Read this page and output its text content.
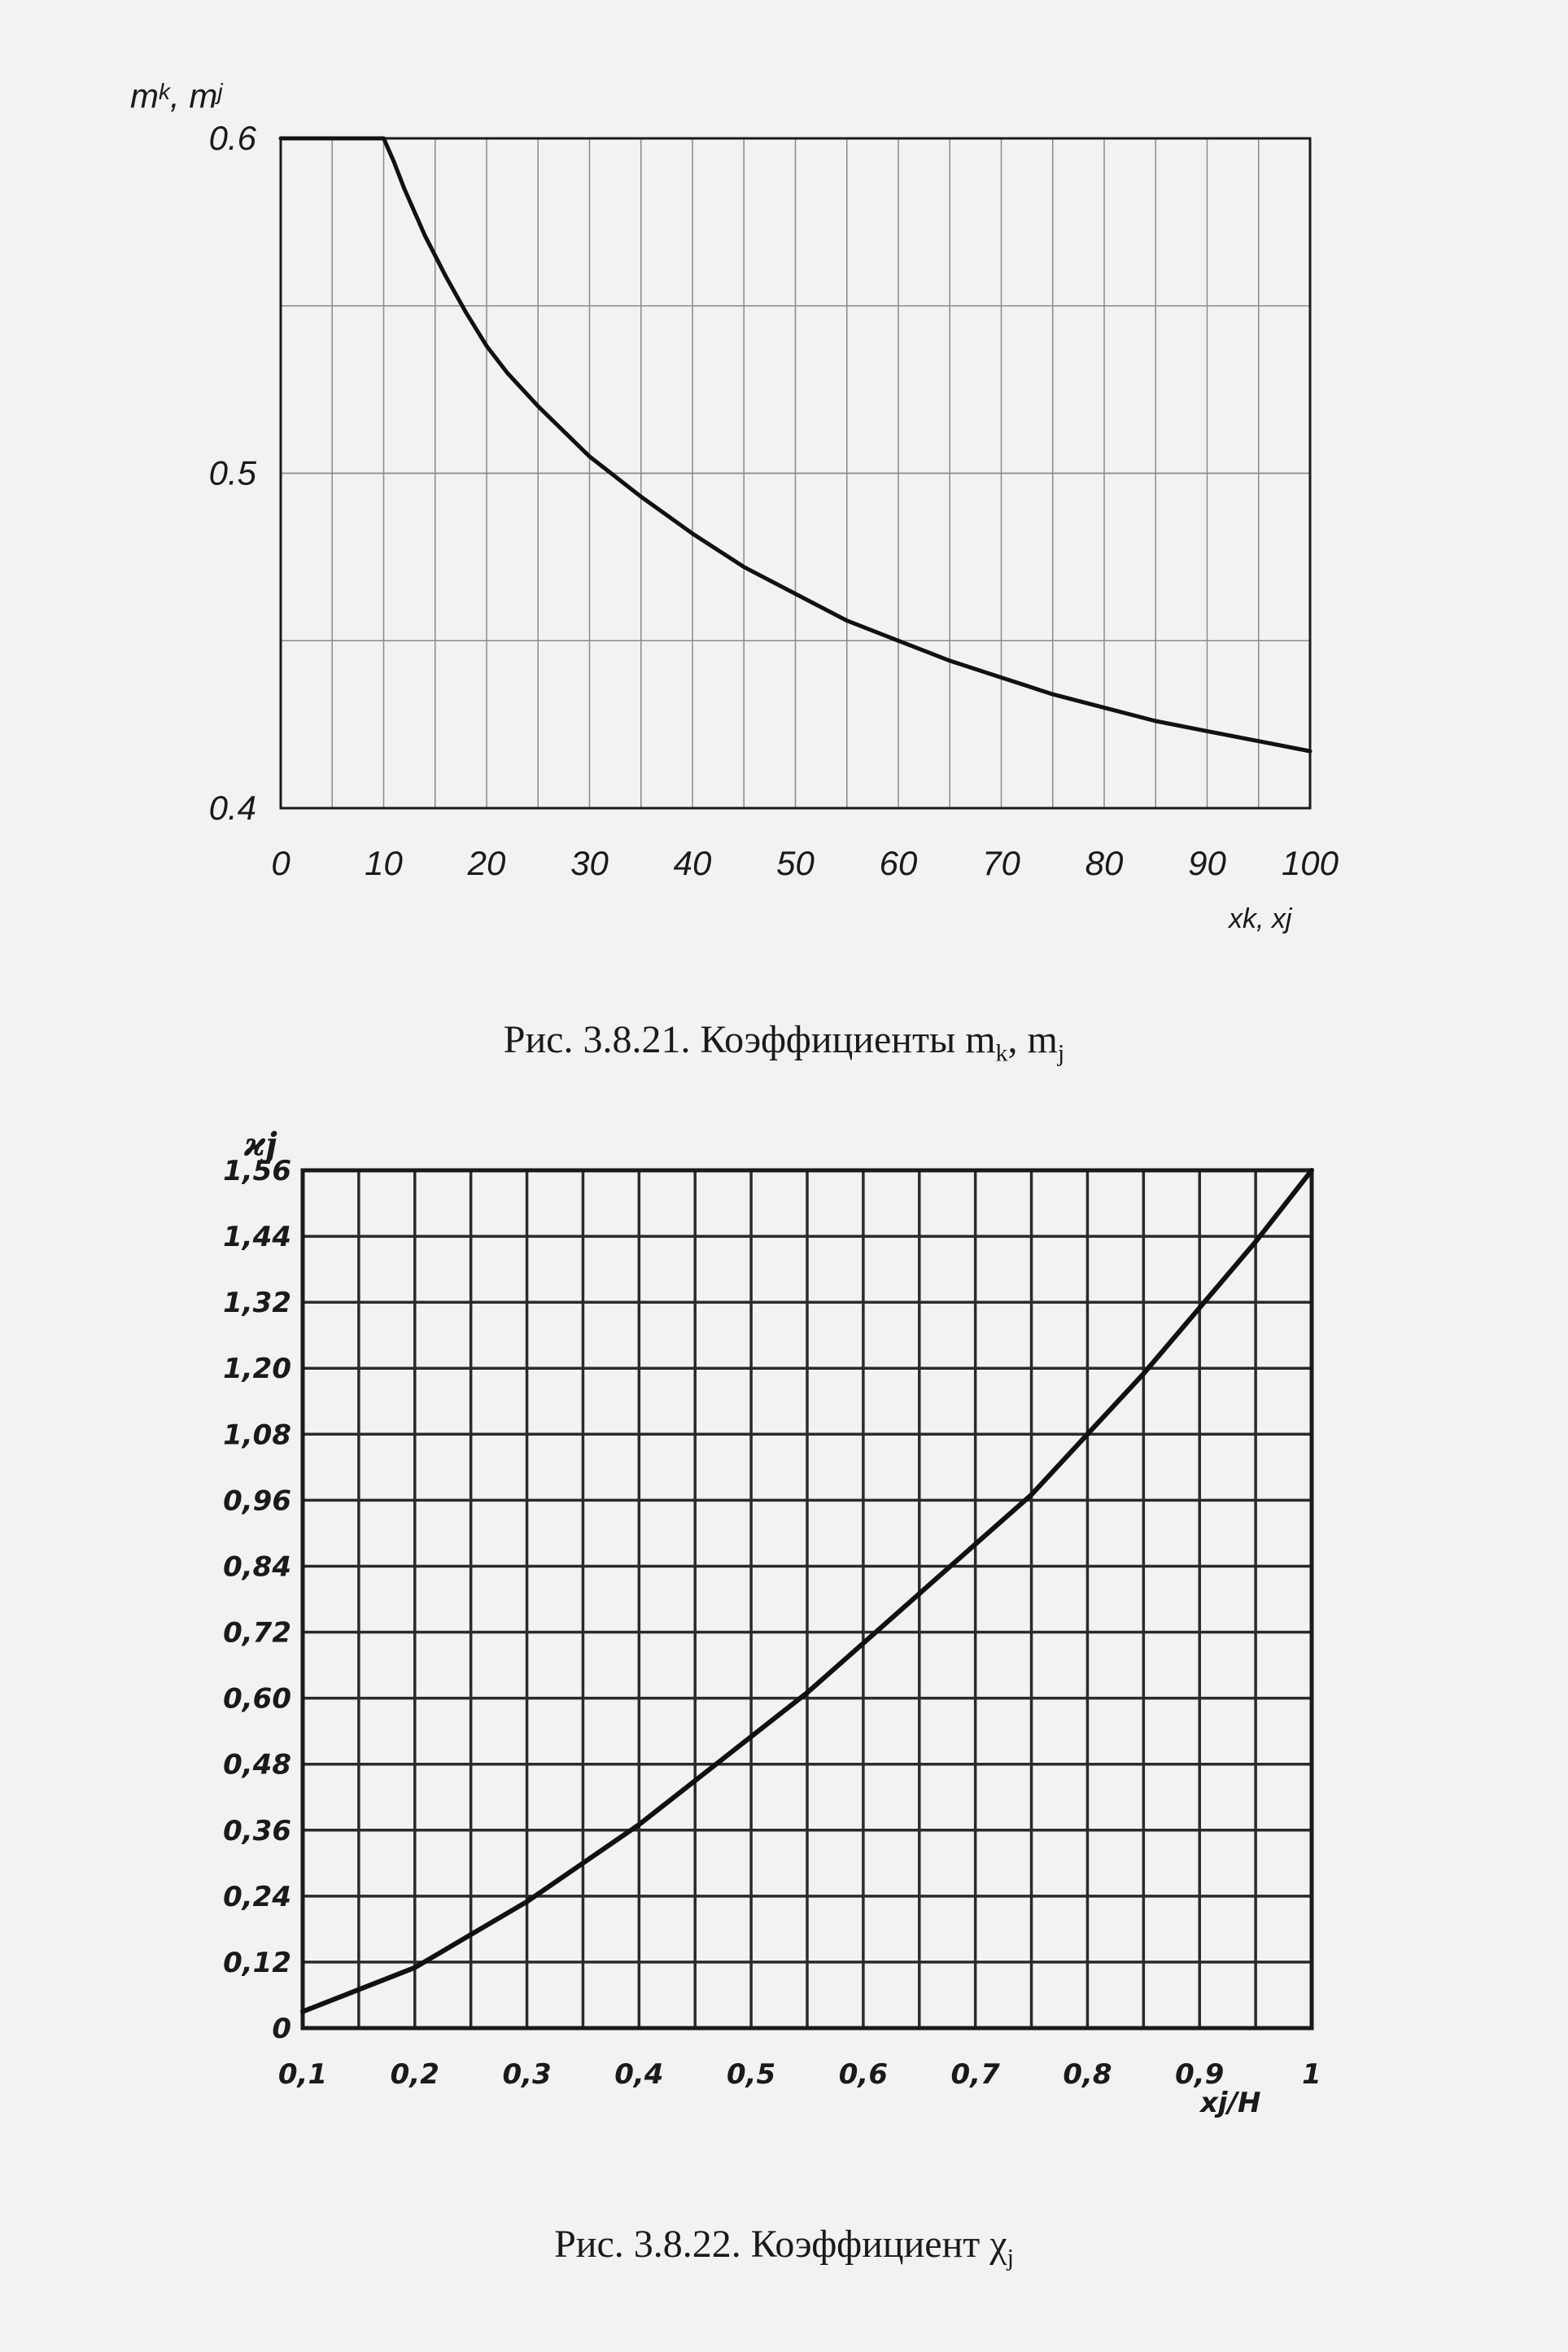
0 10 20 30 40 50 60 70 80 90 100
0.4
0.5
0.6
$m^k$, $m^j$
xk, xj
Рис. 3.8.21. Коэффициенты $m_k$, $m_j$
0,1 0,2 0,3 0,4 0,5 0,6 0,7 0,8 0,9	1
0
0,12
0,24
0,36
0,48
0,60
0,72
0,84
0,96
1,08
1,20
1,32
1,44
1,56
ϰj
xj/H
Рис. 3.8.22. Коэффициент $\chi_j$
